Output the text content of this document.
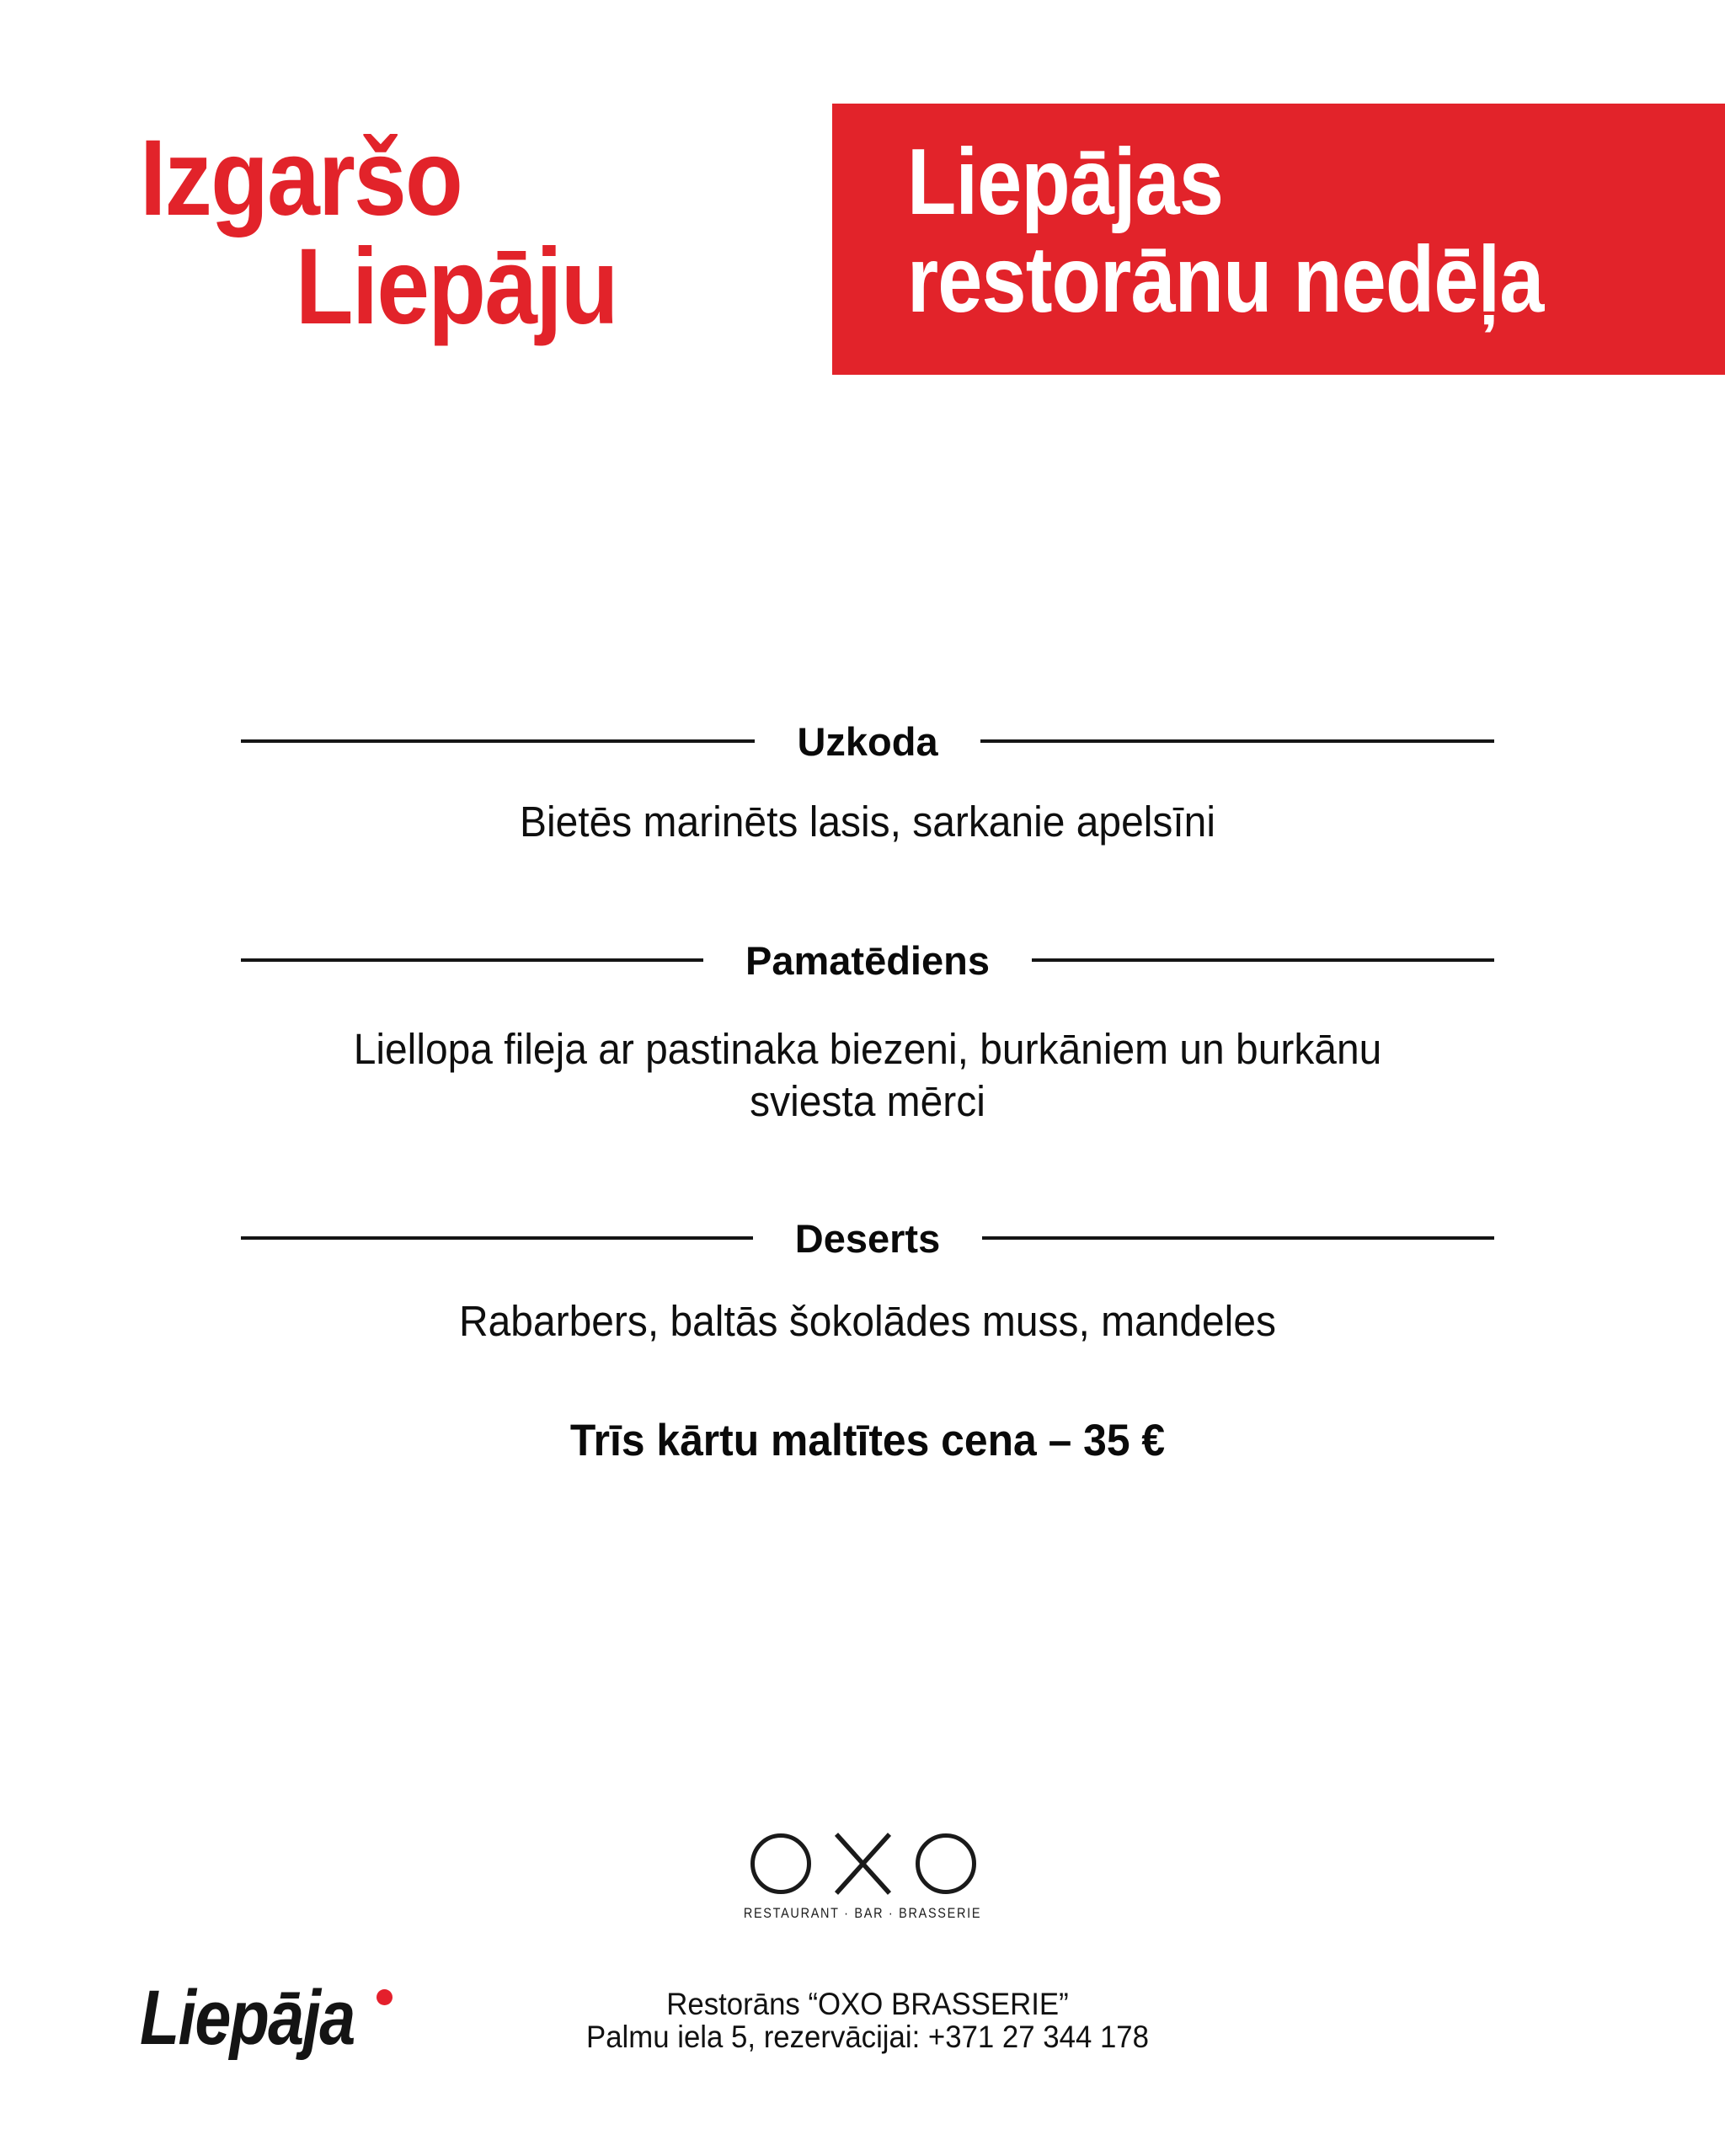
Izgaršo
Liepāju
Liepājas
restorānu nedēļa
Uzkoda
Bietēs marinēts lasis, sarkanie apelsīni
Pamatēdiens
Liellopa fileja ar pastinaka biezeni, burkāniem un burkānu
sviesta mērci
Deserts
Rabarbers, baltās šokolādes muss, mandeles
Trīs kārtu maltītes cena – 35 €
RESTAURANT · BAR · BRASSERIE
Liepāja	Restorāns “OXO BRASSERIE”
Palmu iela 5, rezervācijai: +371 27 344 178
